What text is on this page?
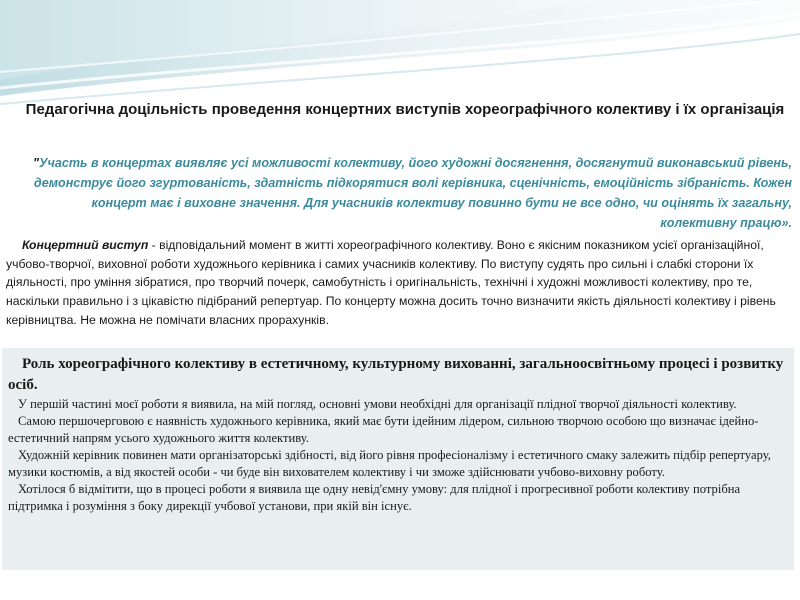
Педагогічна доцільність проведення концертних виступів хореографічного колективу і їх організація
"Участь в концертах виявляє усі можливості колективу, його художні досягнення, досягнутий виконавський рівень, демонструє його згуртованість, здатність підкорятися волі керівника, сценічність, емоційність зібраність. Кожен концерт має і виховне значення. Для учасників колективу повинно бути не все одно, чи оцінять їх загальну, колективну працю».
Концертний виступ - відповідальний момент в житті хореографічного колективу. Воно є якісним показником усієї організаційної, учбово-творчої, виховної роботи художнього керівника і самих учасників колективу. По виступу судять про сильні і слабкі сторони їх діяльності, про уміння зібратися, про творчий почерк, самобутність і оригінальність, технічні і художні можливості колективу, про те, наскільки правильно і з цікавістю підібраний репертуар. По концерту можна досить точно визначити якість діяльності колективу і рівень керівництва. Не можна не помічати власних прорахунків.
Роль хореографічного колективу в естетичному, культурному вихованні, загальноосвітньому процесі і розвитку осіб.

У першій частині моєї роботи я виявила, на мій погляд, основні умови необхідні для організації плідної творчої діяльності колективу.

Самою першочерговою є наявність художнього керівника, який має бути ідейним лідером, сильною творчою особою що визначає ідейно-естетичний напрям усього художнього життя колективу.

Художній керівник повинен мати організаторські здібності, від його рівня професіоналізму і естетичного смаку залежить підбір репертуару, музики костюмів, а від якостей особи - чи буде він вихователем колективу і чи зможе здійснювати учбово-виховну роботу.

Хотілося б відмітити, що в процесі роботи я виявила ще одну невід'ємну умову: для плідної і прогресивної роботи колективу потрібна підтримка і розуміння з боку дирекції учбової установи, при якій він існує.
